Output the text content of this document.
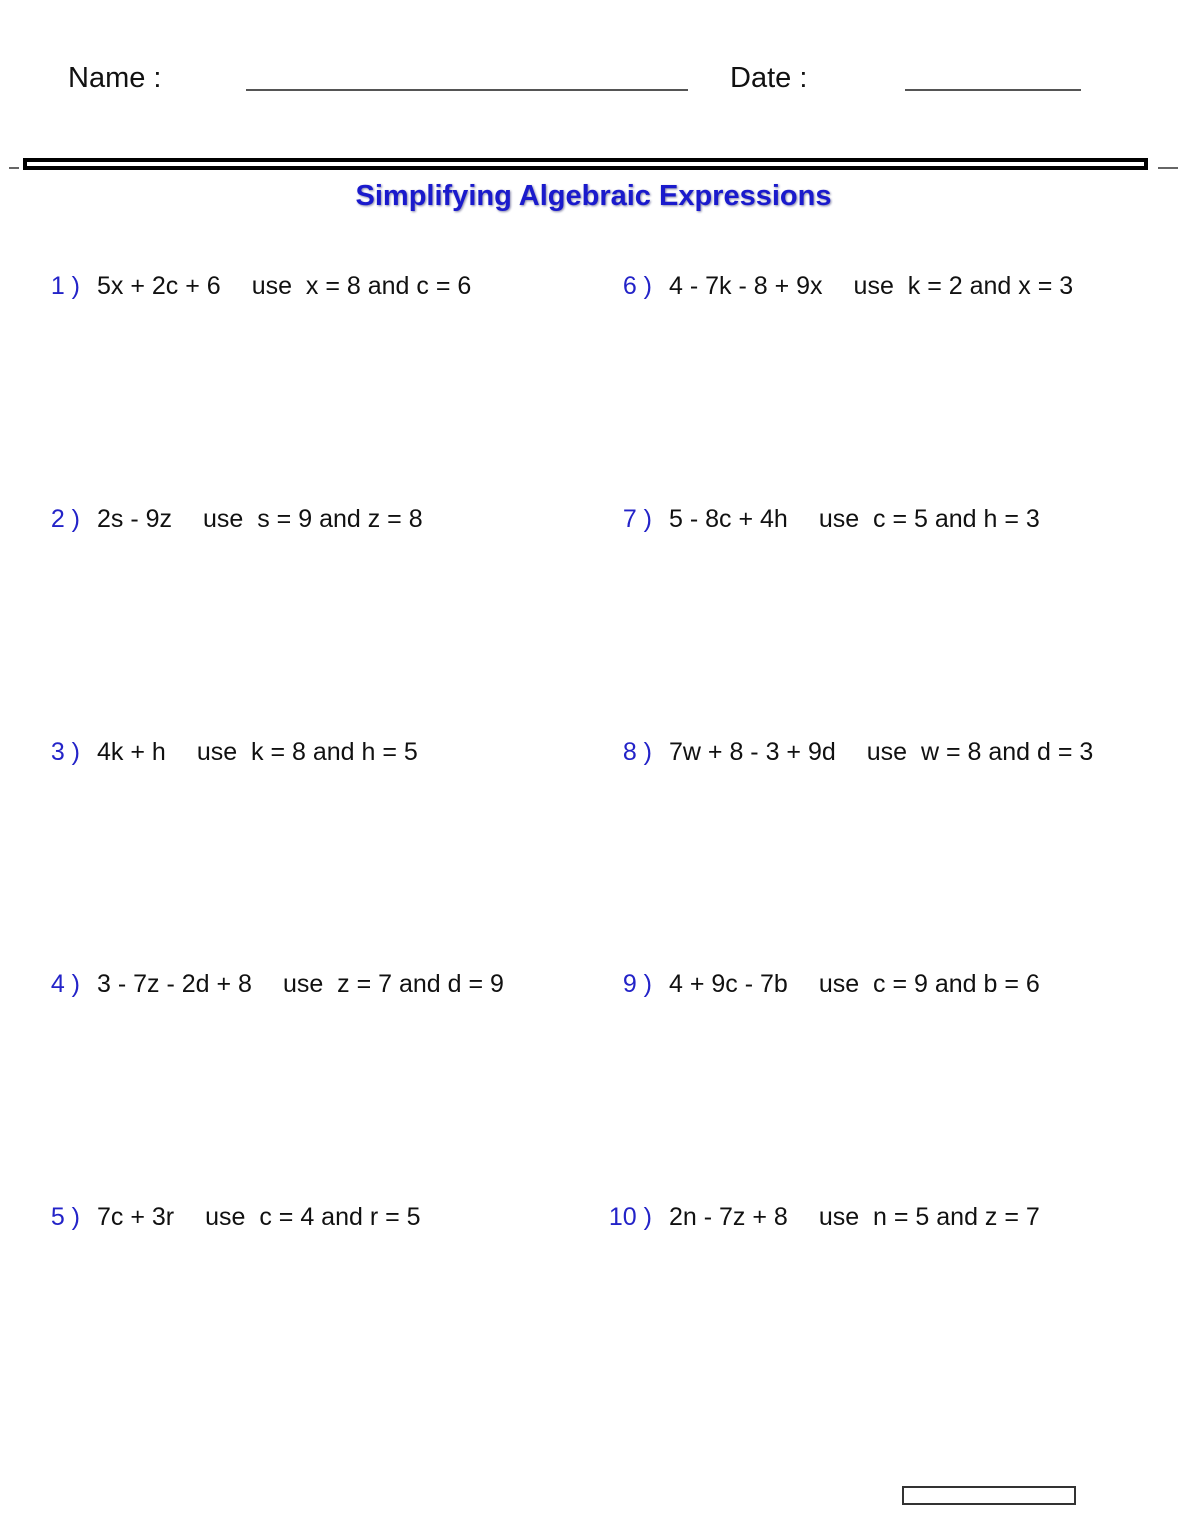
Name :	Date :
Simplifying Algebraic Expressions
1 ) 5x + 2c + 6 use  x = 8 and c = 6
2 ) 2s - 9z use  s = 9 and z = 8
3 ) 4k + h use  k = 8 and h = 5
4 ) 3 - 7z - 2d + 8 use  z = 7 and d = 9
5 ) 7c + 3r use  c = 4 and r = 5
6 ) 4 - 7k - 8 + 9x use  k = 2 and x = 3
7 ) 5 - 8c + 4h use  c = 5 and h = 3
8 ) 7w + 8 - 3 + 9d use  w = 8 and d = 3
9 ) 4 + 9c - 7b use  c = 9 and b = 6
10 ) 2n - 7z + 8 use  n = 5 and z = 7
